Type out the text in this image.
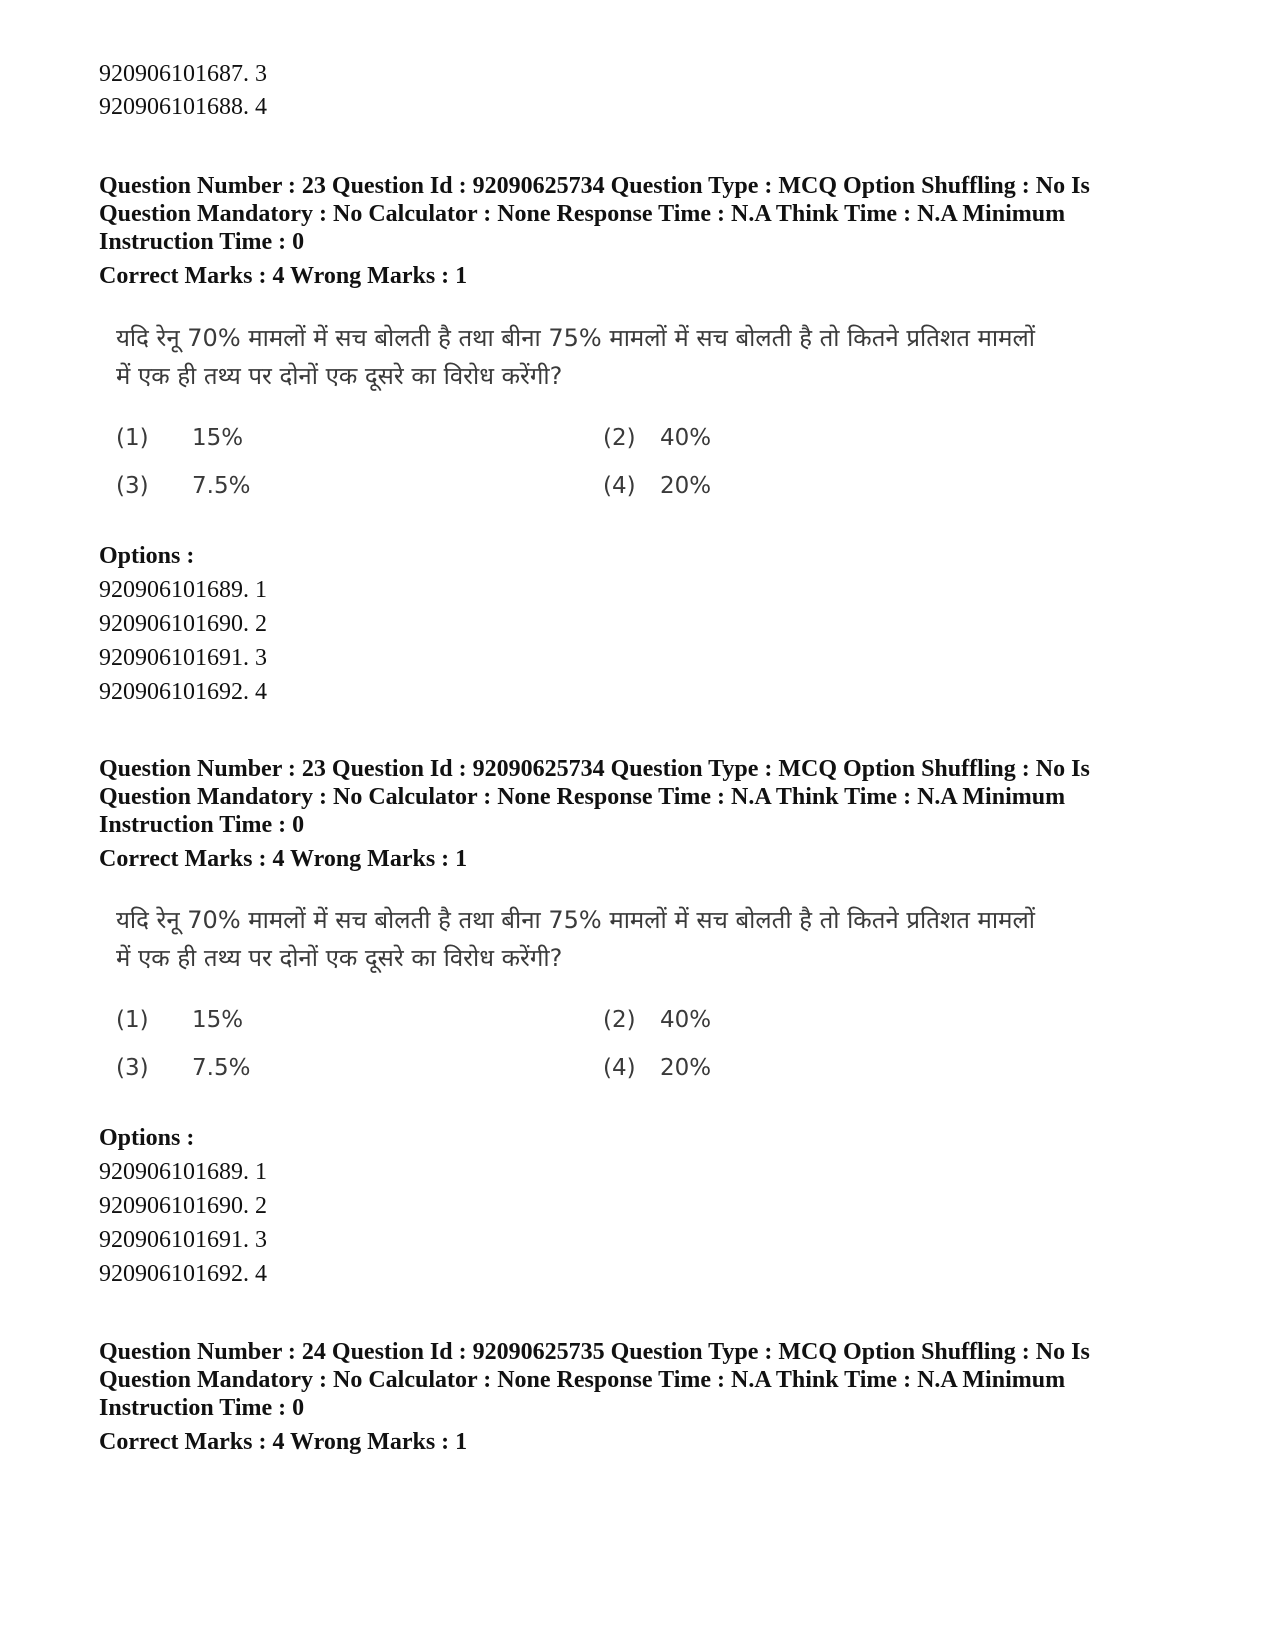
920906101687. 3
920906101688. 4
Question Number : 23 Question Id : 92090625734 Question Type : MCQ Option Shuffling : No Is
Question Mandatory : No Calculator : None Response Time : N.A Think Time : N.A Minimum
Instruction Time : 0
Correct Marks : 4 Wrong Marks : 1
यदि रेनू 70% मामलों में सच बोलती है तथा बीना 75% मामलों में सच बोलती है तो कितने प्रतिशत मामलों
में एक ही तथ्य पर दोनों एक दूसरे का विरोध करेंगी?
(1) 15%	(2) 40%
(3) 7.5%	(4) 20%
Options :
920906101689. 1
920906101690. 2
920906101691. 3
920906101692. 4
Question Number : 23 Question Id : 92090625734 Question Type : MCQ Option Shuffling : No Is
Question Mandatory : No Calculator : None Response Time : N.A Think Time : N.A Minimum
Instruction Time : 0
Correct Marks : 4 Wrong Marks : 1
यदि रेनू 70% मामलों में सच बोलती है तथा बीना 75% मामलों में सच बोलती है तो कितने प्रतिशत मामलों
में एक ही तथ्य पर दोनों एक दूसरे का विरोध करेंगी?
(1) 15%	(2) 40%
(3) 7.5%	(4) 20%
Options :
920906101689. 1
920906101690. 2
920906101691. 3
920906101692. 4
Question Number : 24 Question Id : 92090625735 Question Type : MCQ Option Shuffling : No Is
Question Mandatory : No Calculator : None Response Time : N.A Think Time : N.A Minimum
Instruction Time : 0
Correct Marks : 4 Wrong Marks : 1
